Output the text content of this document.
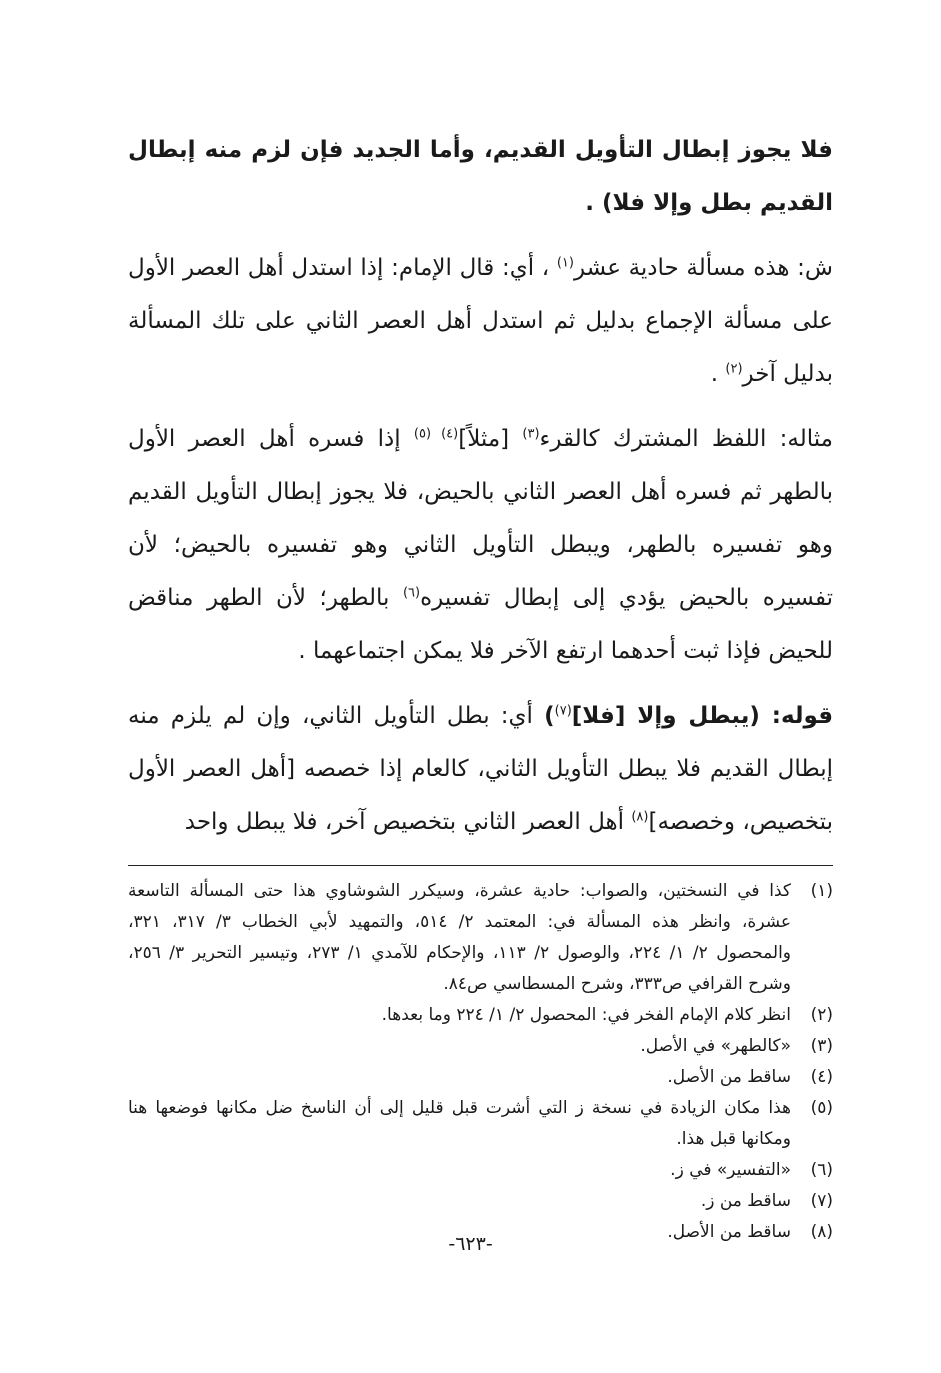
فلا يجوز إبطال التأويل القديم، وأما الجديد فإن لزم منه إبطال القديم بطل وإلا فلا) .

ش: هذه مسألة حادية عشر$^{(١)}$ ، أي: قال الإمام: إذا استدل أهل العصر الأول على مسألة الإجماع بدليل ثم استدل أهل العصر الثاني على تلك المسألة بدليل آخر$^{(٢)}$ .

مثاله: اللفظ المشترك كالقرء$^{(٣)}$ [مثلاً]$^{(٤) (٥)}$ إذا فسره أهل العصر الأول بالطهر ثم فسره أهل العصر الثاني بالحيض، فلا يجوز إبطال التأويل القديم وهو تفسيره بالطهر، ويبطل التأويل الثاني وهو تفسيره بالحيض؛ لأن تفسيره بالحيض يؤدي إلى إبطال تفسيره$^{(٦)}$ بالطهر؛ لأن الطهر مناقض للحيض فإذا ثبت أحدهما ارتفع الآخر فلا يمكن اجتماعهما .

قوله: (يبطل وإلا [فلا]$^{(٧)}$) أي: بطل التأويل الثاني، وإن لم يلزم منه إبطال القديم فلا يبطل التأويل الثاني، كالعام إذا خصصه [أهل العصر الأول بتخصيص، وخصصه]$^{(٨)}$ أهل العصر الثاني بتخصيص آخر، فلا يبطل واحد

(١)
كذا في النسختين، والصواب: حادية عشرة، وسيكرر الشوشاوي هذا حتى المسألة التاسعة عشرة، وانظر هذه المسألة في: المعتمد ٢/ ٥١٤، والتمهيد لأبي الخطاب ٣/ ٣١٧، ٣٢١، والمحصول ٢/ ١/ ٢٢٤، والوصول ٢/ ١١٣، والإحكام للآمدي ١/ ٢٧٣، وتيسير التحرير ٣/ ٢٥٦، وشرح القرافي ص٣٣٣، وشرح المسطاسي ص٨٤.
(٢)
انظر كلام الإمام الفخر في: المحصول ٢/ ١/ ٢٢٤ وما بعدها.
(٣)
«كالطهر» في الأصل.
(٤)
ساقط من الأصل.
(٥)
هذا مكان الزيادة في نسخة ز التي أشرت قبل قليل إلى أن الناسخ ضل مكانها فوضعها هنا ومكانها قبل هذا.
(٦)
«التفسير» في ز.
(٧)
ساقط من ز.
(٨)
ساقط من الأصل.
-٦٢٣-
